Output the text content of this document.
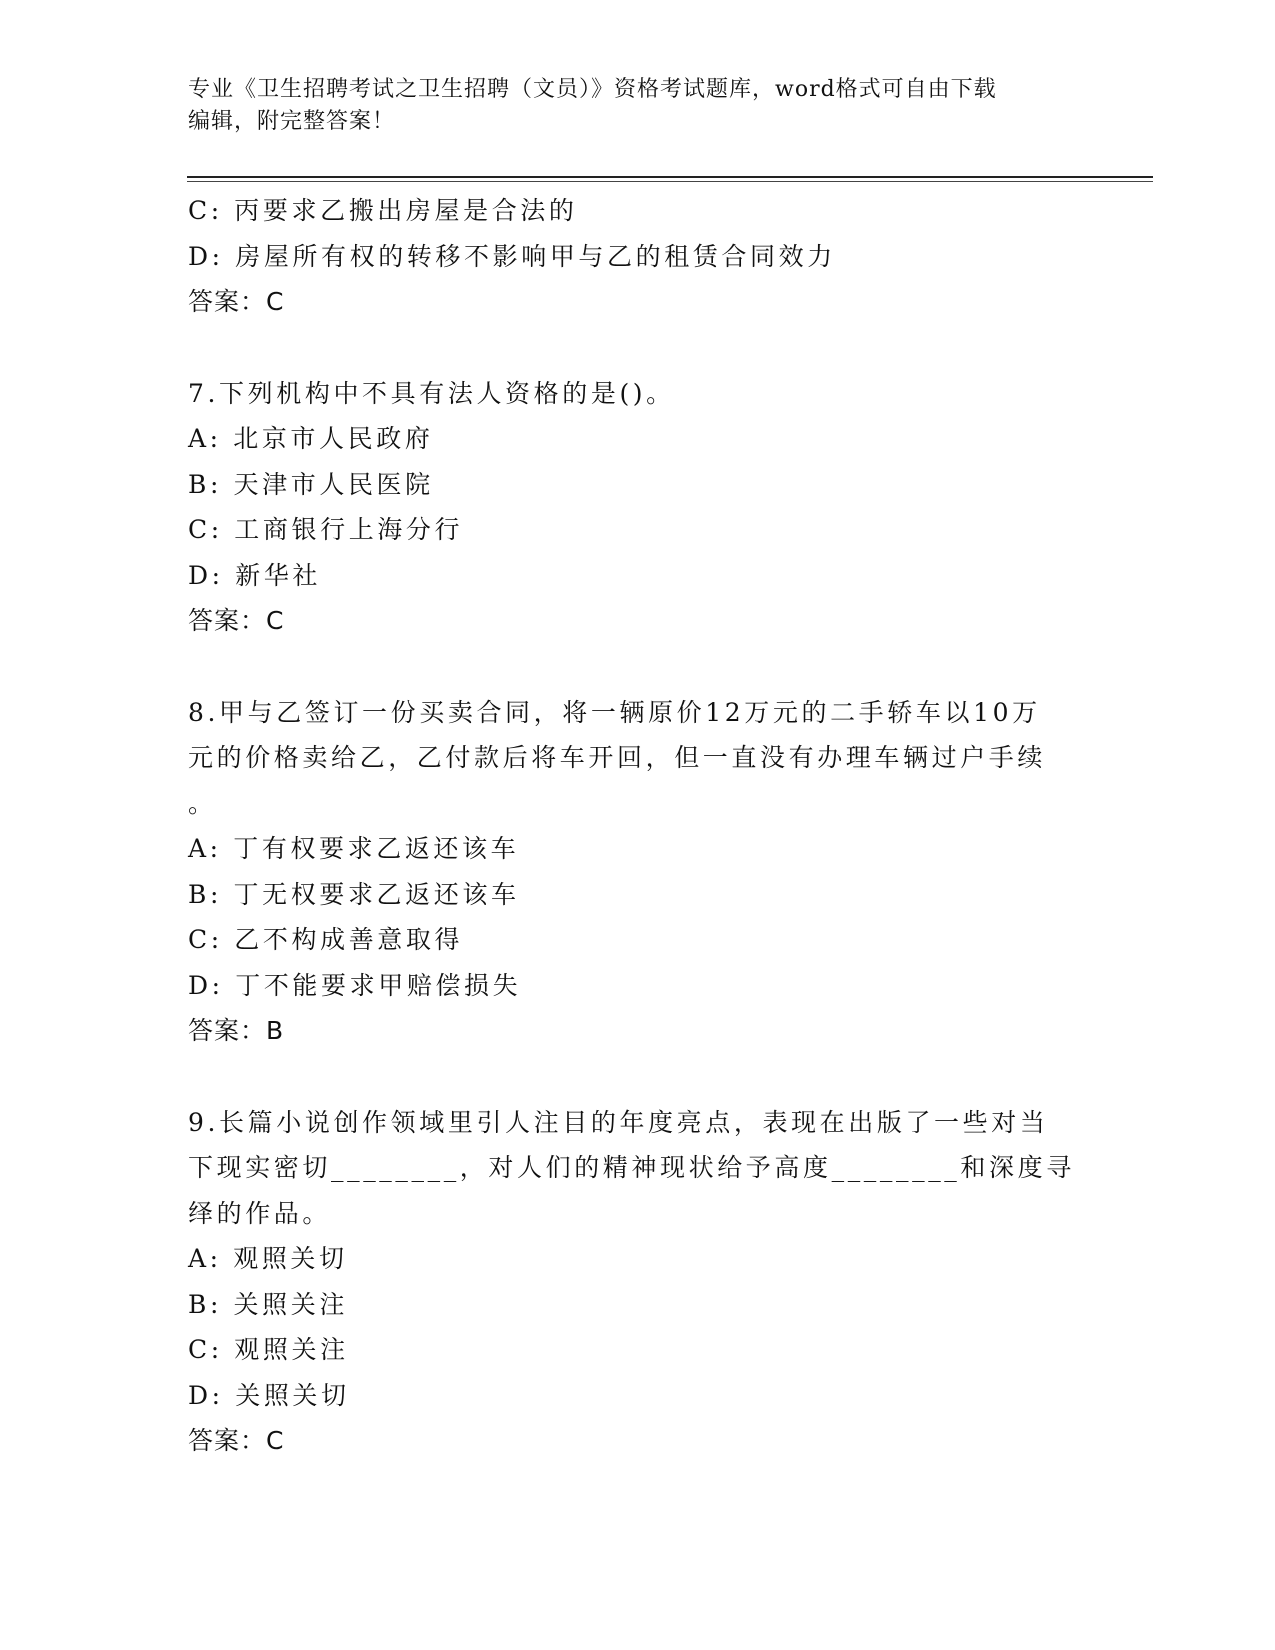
专业《卫生招聘考试之卫生招聘（文员）》资格考试题库，word格式可自由下载
编辑，附完整答案！
C: 丙要求乙搬出房屋是合法的
D: 房屋所有权的转移不影响甲与乙的租赁合同效力
答案：C
7.下列机构中不具有法人资格的是()。
A: 北京市人民政府
B: 天津市人民医院
C: 工商银行上海分行
D: 新华社
答案：C
8.甲与乙签订一份买卖合同，将一辆原价12万元的二手轿车以10万
元的价格卖给乙，乙付款后将车开回，但一直没有办理车辆过户手续
。
A: 丁有权要求乙返还该车
B: 丁无权要求乙返还该车
C: 乙不构成善意取得
D: 丁不能要求甲赔偿损失
答案：B
9.长篇小说创作领域里引人注目的年度亮点，表现在出版了一些对当
下现实密切________，对人们的精神现状给予高度________和深度寻
绎的作品。
A: 观照关切
B: 关照关注
C: 观照关注
D: 关照关切
答案：C
